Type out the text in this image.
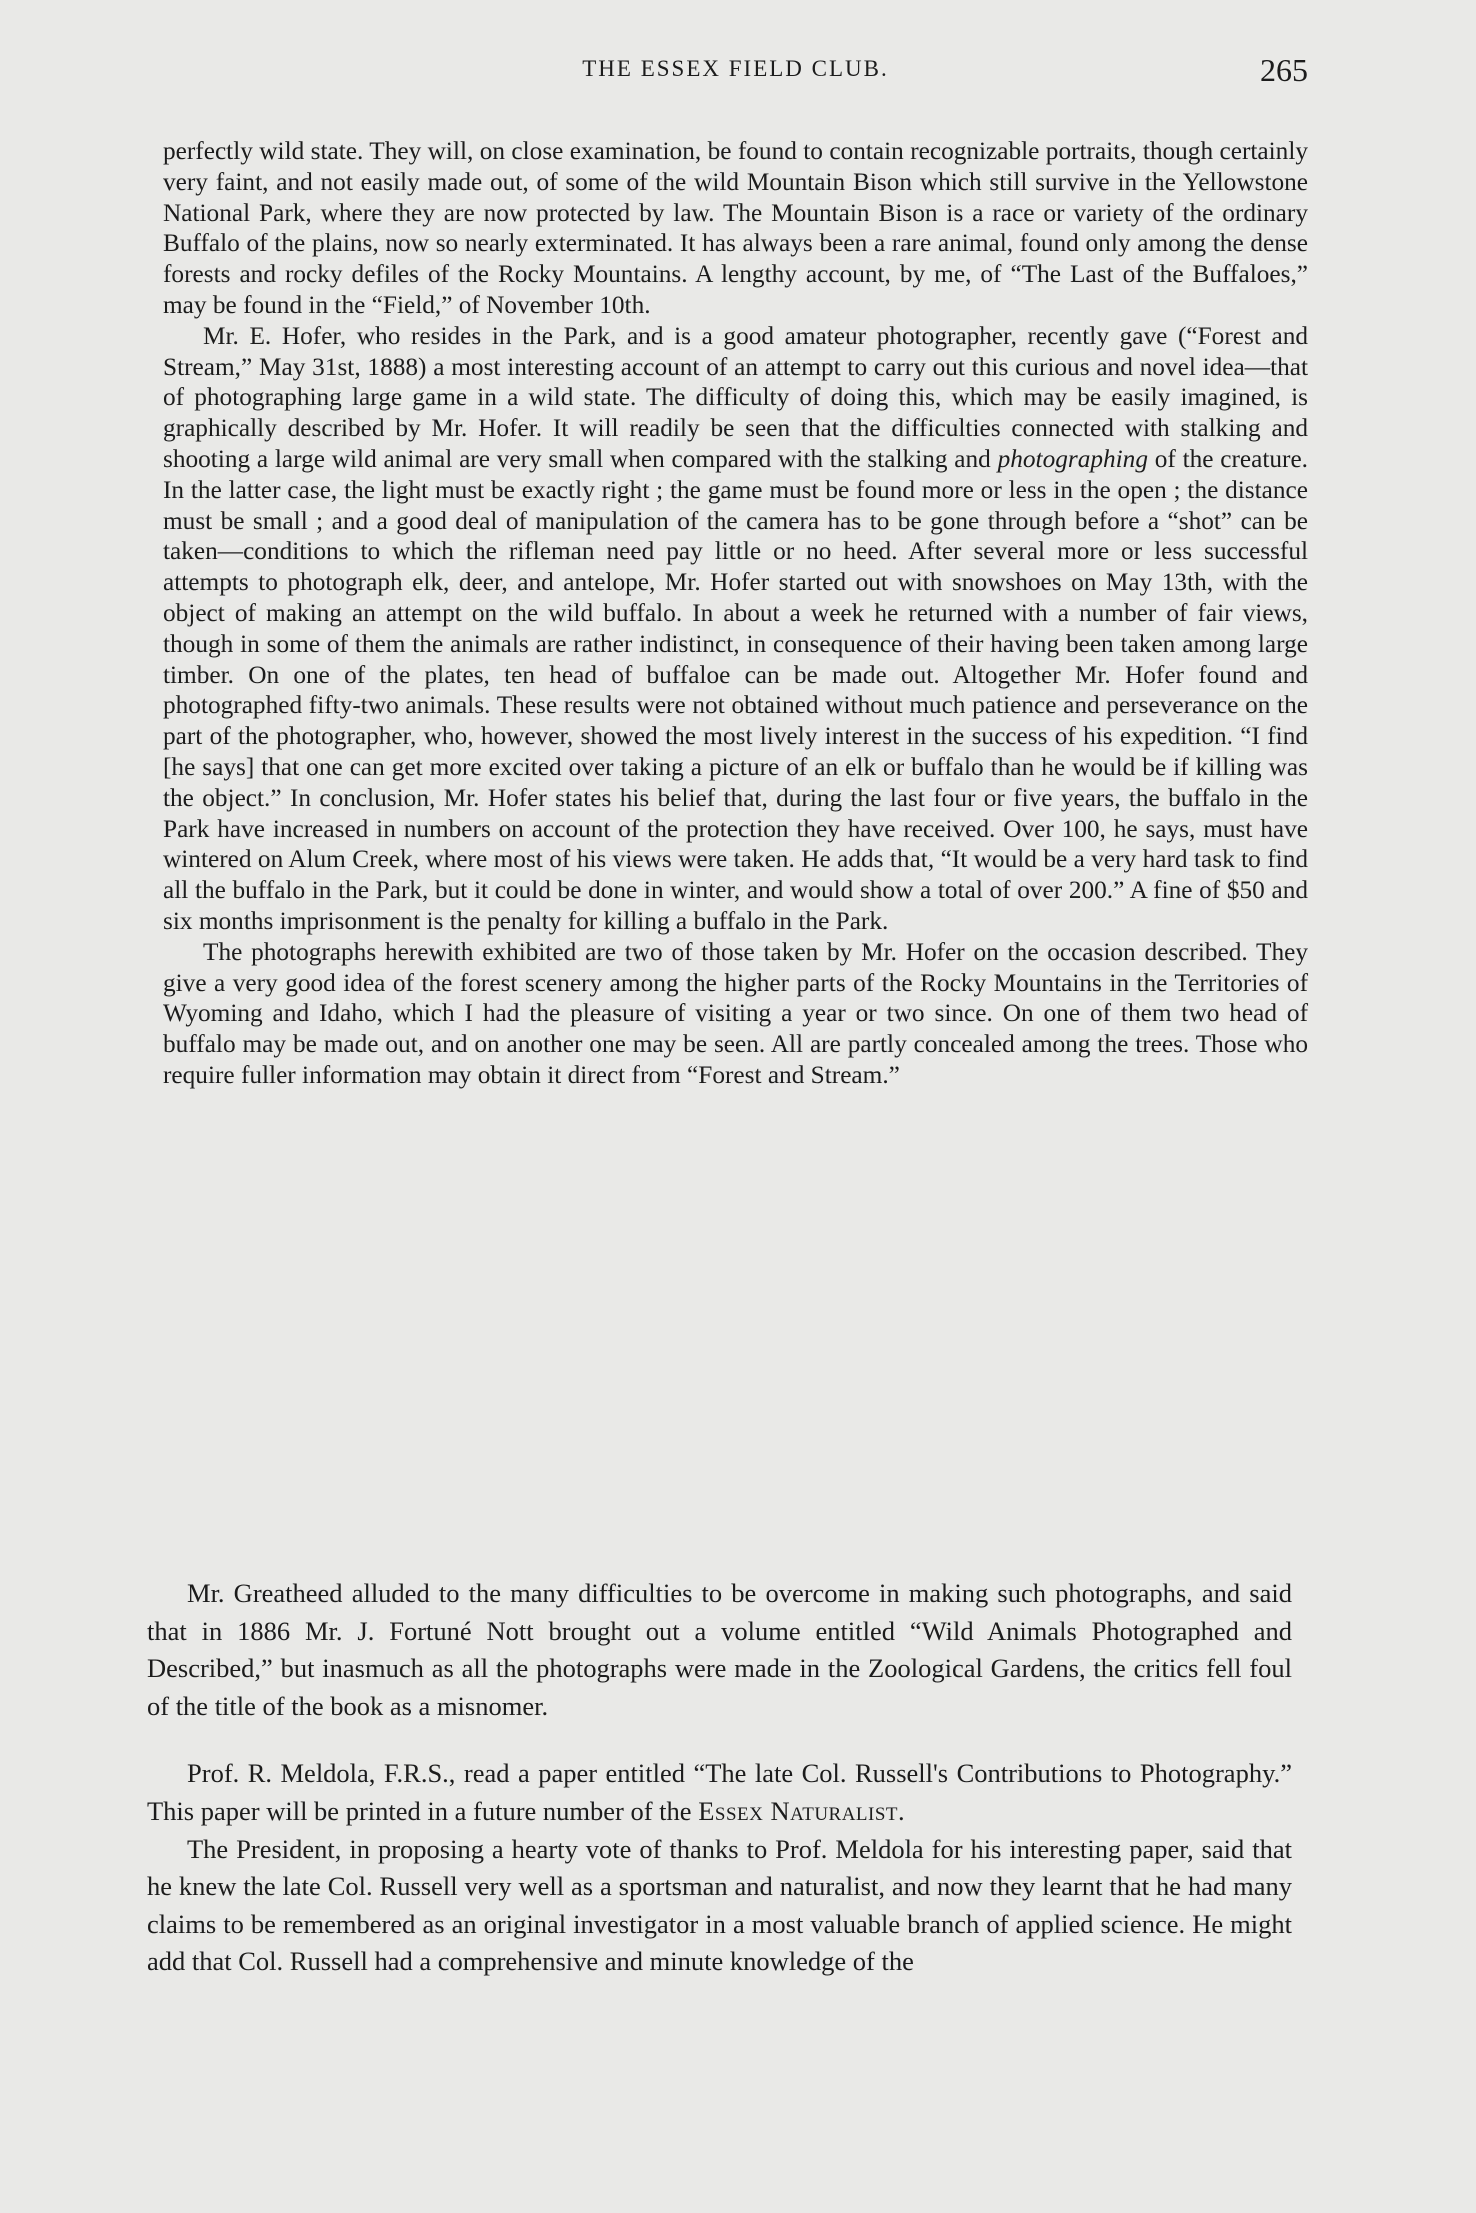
THE ESSEX FIELD CLUB.	265

perfectly wild state. They will, on close examination, be found to contain recognizable portraits, though certainly very faint, and not easily made out, of some of the wild Mountain Bison which still survive in the Yellowstone National Park, where they are now protected by law. The Mountain Bison is a race or variety of the ordinary Buffalo of the plains, now so nearly exterminated. It has always been a rare animal, found only among the dense forests and rocky defiles of the Rocky Mountains. A lengthy account, by me, of “The Last of the Buffaloes,” may be found in the “Field,” of November 10th.

Mr. E. Hofer, who resides in the Park, and is a good amateur photographer, recently gave (“Forest and Stream,” May 31st, 1888) a most interesting account of an attempt to carry out this curious and novel idea—that of photographing large game in a wild state. The difficulty of doing this, which may be easily imagined, is graphically described by Mr. Hofer. It will readily be seen that the difficulties connected with stalking and shooting a large wild animal are very small when compared with the stalking and photographing of the creature. In the latter case, the light must be exactly right ; the game must be found more or less in the open ; the distance must be small ; and a good deal of manipulation of the camera has to be gone through before a “shot” can be taken—conditions to which the rifleman need pay little or no heed. After several more or less successful attempts to photograph elk, deer, and antelope, Mr. Hofer started out with snowshoes on May 13th, with the object of making an attempt on the wild buffalo. In about a week he returned with a number of fair views, though in some of them the animals are rather indistinct, in consequence of their having been taken among large timber. On one of the plates, ten head of buffaloe can be made out. Altogether Mr. Hofer found and photographed fifty-two animals. These results were not obtained without much patience and perseverance on the part of the photographer, who, however, showed the most lively interest in the success of his expedition. “I find [he says] that one can get more excited over taking a picture of an elk or buffalo than he would be if killing was the object.” In conclusion, Mr. Hofer states his belief that, during the last four or five years, the buffalo in the Park have increased in numbers on account of the protection they have received. Over 100, he says, must have wintered on Alum Creek, where most of his views were taken. He adds that, “It would be a very hard task to find all the buffalo in the Park, but it could be done in winter, and would show a total of over 200.” A fine of $50 and six months imprisonment is the penalty for killing a buffalo in the Park.

The photographs herewith exhibited are two of those taken by Mr. Hofer on the occasion described. They give a very good idea of the forest scenery among the higher parts of the Rocky Mountains in the Territories of Wyoming and Idaho, which I had the pleasure of visiting a year or two since. On one of them two head of buffalo may be made out, and on another one may be seen. All are partly concealed among the trees. Those who require fuller information may obtain it direct from “Forest and Stream.”

Mr. Greatheed alluded to the many difficulties to be overcome in making such photographs, and said that in 1886 Mr. J. Fortuné Nott brought out a volume entitled “Wild Animals Photographed and Described,” but inasmuch as all the photographs were made in the Zoological Gardens, the critics fell foul of the title of the book as a misnomer.

Prof. R. Meldola, F.R.S., read a paper entitled “The late Col. Russell's Contributions to Photography.” This paper will be printed in a future number of the Essex Naturalist.

The President, in proposing a hearty vote of thanks to Prof. Meldola for his interesting paper, said that he knew the late Col. Russell very well as a sportsman and naturalist, and now they learnt that he had many claims to be remembered as an original investigator in a most valuable branch of applied science. He might add that Col. Russell had a comprehensive and minute knowledge of the
